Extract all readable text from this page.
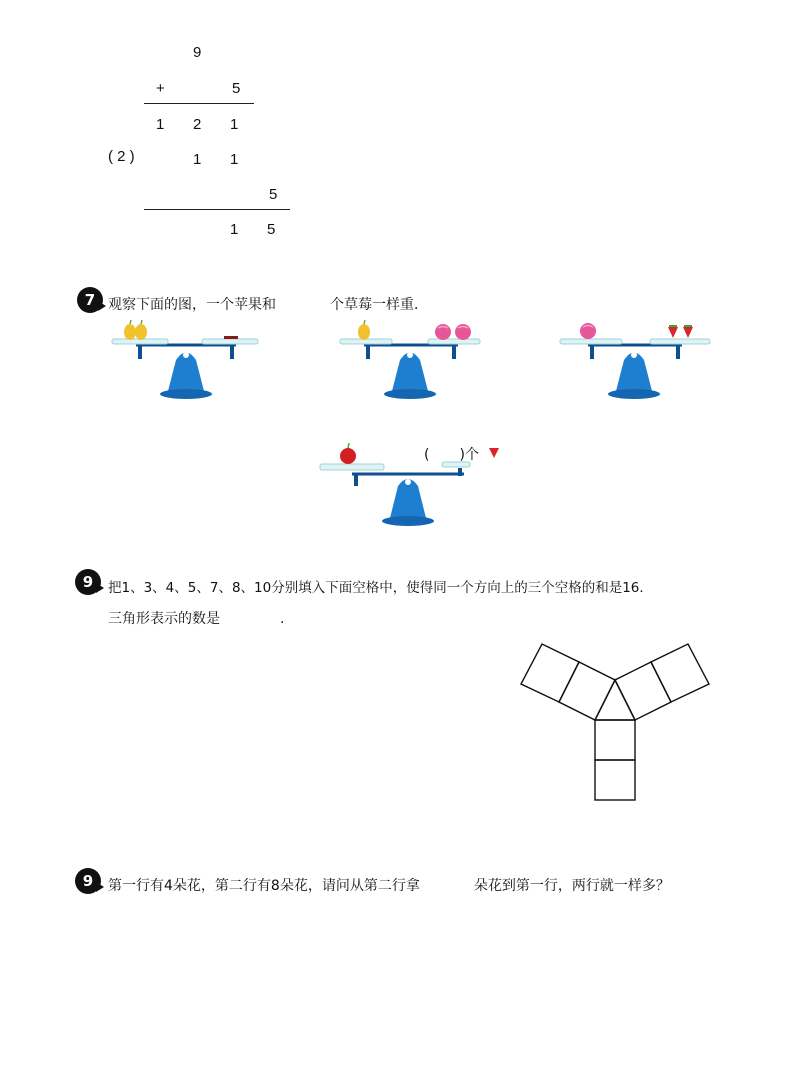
9
+	5
1 2 1
( 2 )	1 1
5
1 5
7 观察下面的图，一个苹果和	个草莓一样重．
( )个
9 把1、3、4、5、7、8、10分别填入下面空格中，使得同一个方向上的三个空格的和是16．
三角形表示的数是	.
9 第一行有4朵花，第二行有8朵花，请问从第二行拿	朵花到第一行，两行就一样多？
